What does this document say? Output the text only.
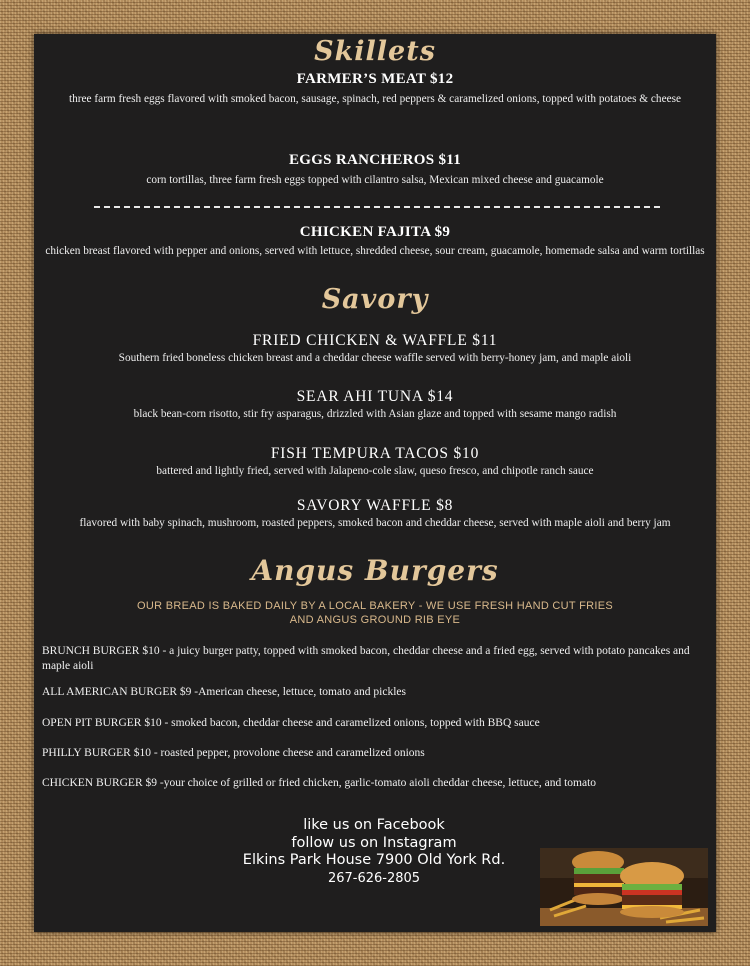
Skillets
FARMER’S MEAT $12
three farm fresh eggs flavored with smoked bacon, sausage, spinach, red peppers & caramelized onions, topped with potatoes & cheese
EGGS RANCHEROS $11
corn tortillas, three farm fresh eggs topped with cilantro salsa, Mexican mixed cheese and guacamole
CHICKEN FAJITA $9
chicken breast flavored with pepper and onions, served with lettuce, shredded cheese, sour cream, guacamole, homemade salsa and warm tortillas
Savory
FRIED CHICKEN & WAFFLE $11
Southern fried boneless chicken breast and a cheddar cheese waffle served with berry-honey jam, and maple aioli
SEAR AHI TUNA $14
black bean-corn risotto, stir fry asparagus, drizzled with Asian glaze and topped with sesame mango radish
FISH TEMPURA TACOS $10
battered and lightly fried, served with Jalapeno-cole slaw, queso fresco, and chipotle ranch sauce
SAVORY WAFFLE $8
flavored with baby spinach, mushroom, roasted peppers, smoked bacon and cheddar cheese, served with maple aioli and berry jam
Angus Burgers
OUR BREAD IS BAKED DAILY BY A LOCAL BAKERY - WE USE FRESH HAND CUT FRIES
AND ANGUS GROUND RIB EYE
BRUNCH BURGER $10 - a juicy burger patty, topped with smoked bacon, cheddar cheese and a fried egg, served with potato pancakes and maple aioli
ALL AMERICAN BURGER $9 -American cheese, lettuce, tomato and pickles
OPEN PIT BURGER $10 - smoked bacon, cheddar cheese and caramelized onions, topped with BBQ sauce
PHILLY BURGER $10 - roasted pepper, provolone cheese and caramelized onions
CHICKEN BURGER $9 -your choice of grilled or fried chicken, garlic-tomato aioli cheddar cheese, lettuce, and tomato
like us on Facebook
follow us on Instagram
Elkins Park House 7900 Old York Rd.
267-626-2805
